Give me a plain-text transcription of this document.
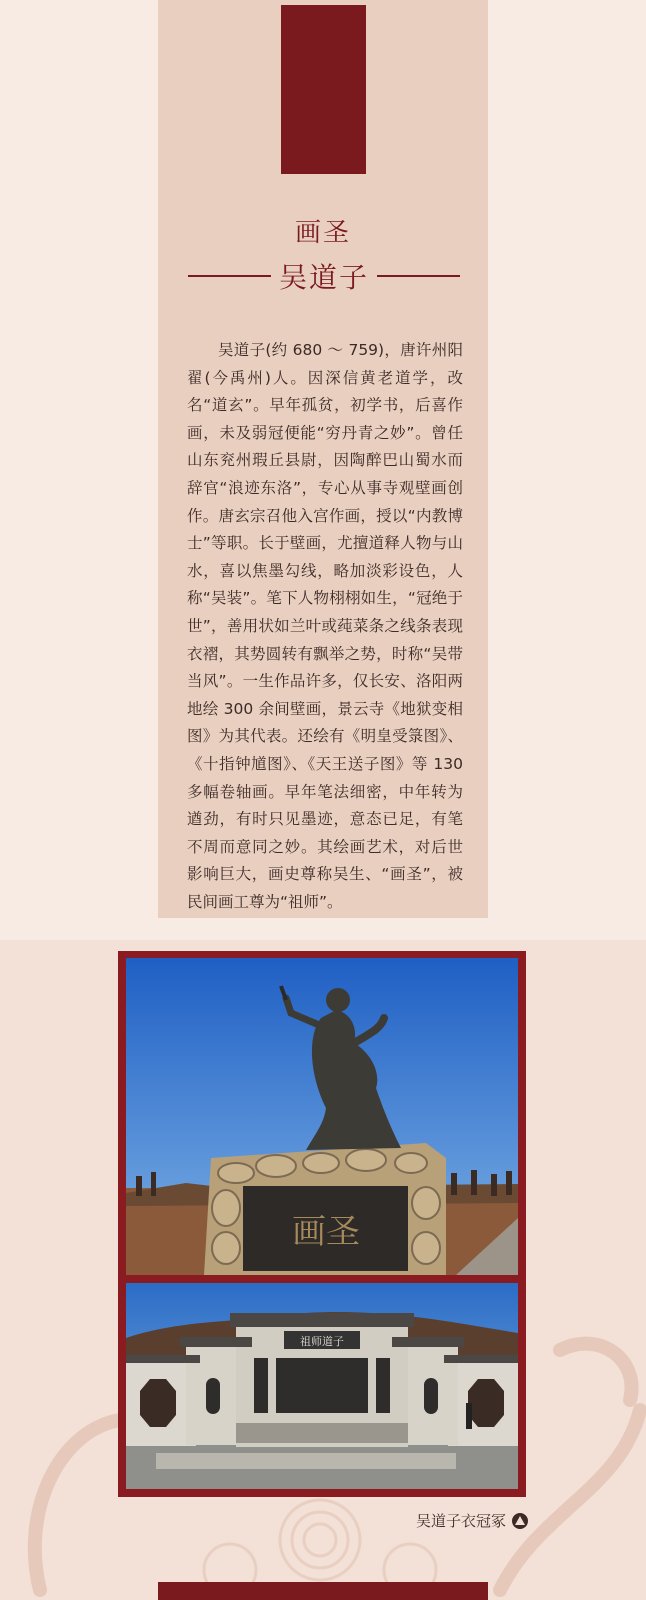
画圣
吴道子

吴道子(约 680 ～ 759)，唐许州阳翟(今禹州)人。因深信黄老道学，改名“道玄”。早年孤贫，初学书，后喜作画，未及弱冠便能“穷丹青之妙”。曾任山东兖州瑕丘县尉，因陶醉巴山蜀水而辞官“浪迹东洛”，专心从事寺观壁画创作。唐玄宗召他入宫作画，授以“内教博士”等职。长于壁画，尤擅道释人物与山水，喜以焦墨勾线，略加淡彩设色，人称“吴装”。笔下人物栩栩如生，“冠绝于世”，善用状如兰叶或莼菜条之线条表现衣褶，其势圆转有飘举之势，时称“吴带当风”。一生作品许多，仅长安、洛阳两地绘 300 余间壁画，景云寺《地狱变相图》为其代表。还绘有《明皇受箓图》、《十指钟馗图》、《天王送子图》等 130 多幅卷轴画。早年笔法细密，中年转为遒劲，有时只见墨迹，意态已足，有笔不周而意同之妙。其绘画艺术，对后世影响巨大，画史尊称吴生、“画圣”，被民间画工尊为“祖师”。

画圣
祖师道子
吴道子衣冠冢
